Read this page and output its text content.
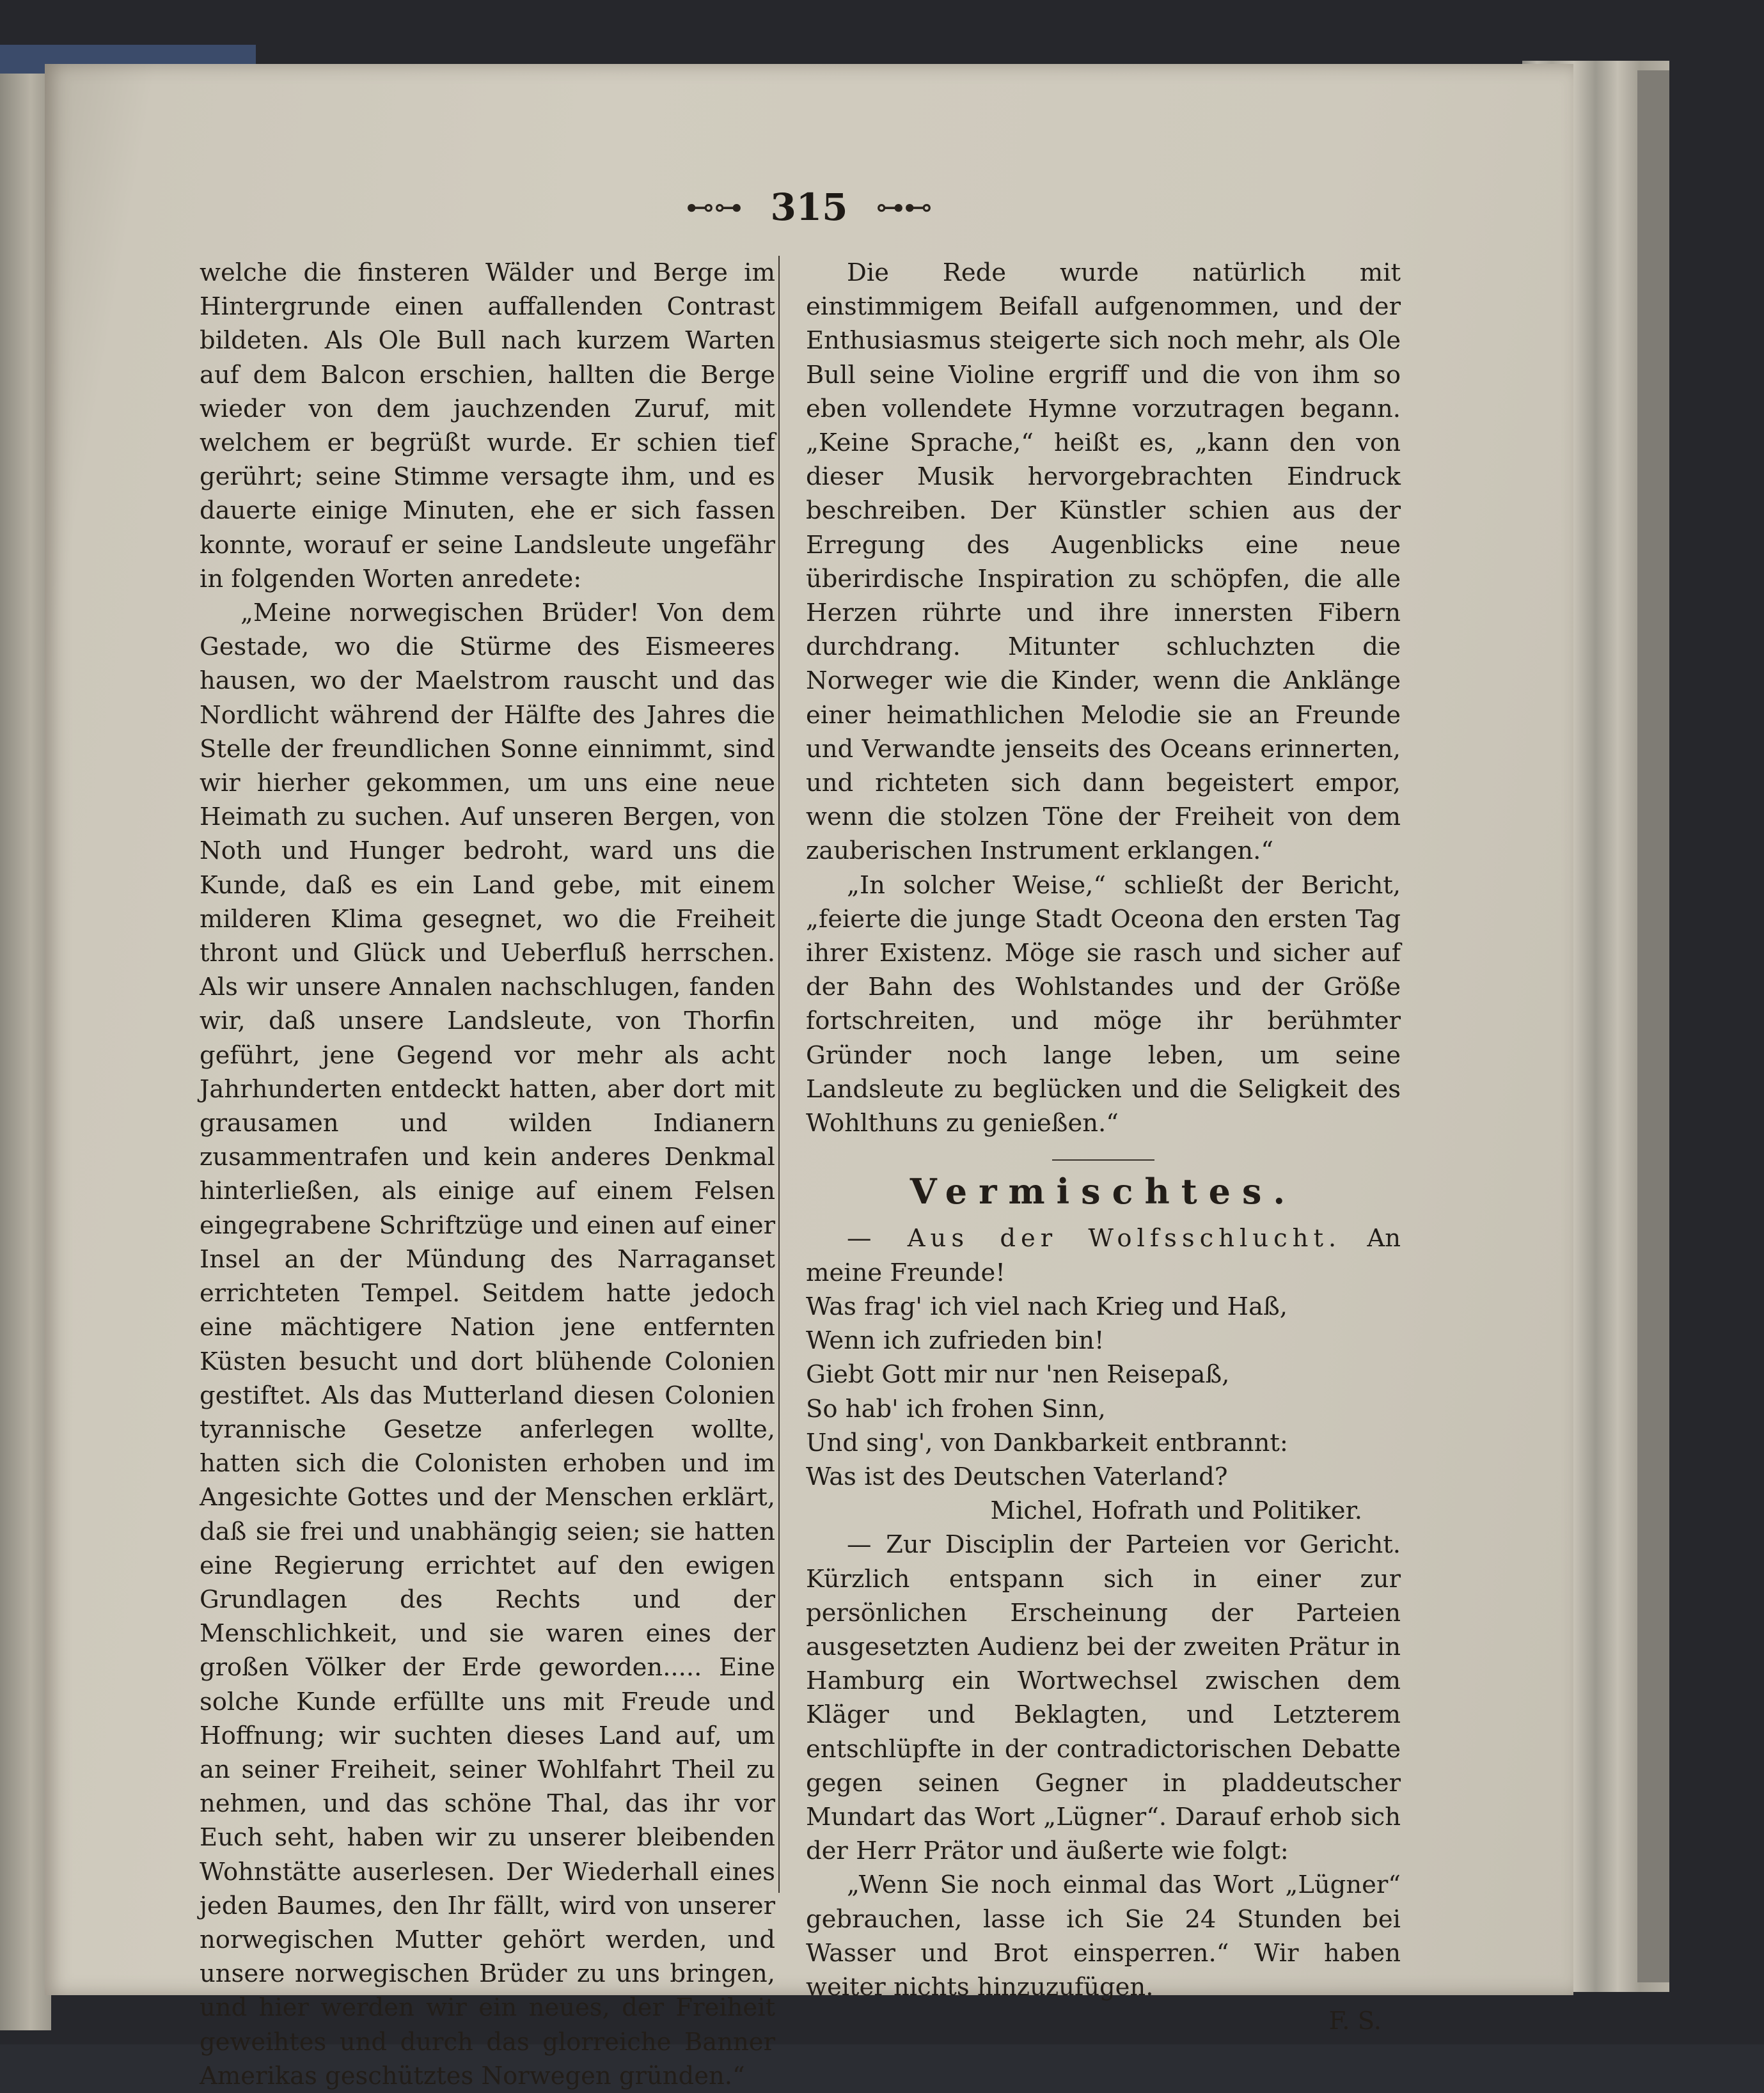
⊷⊶ 315 ⊶⊷

welche die finsteren Wälder und Berge im Hintergrunde einen auffallenden Contrast bildeten. Als Ole Bull nach kurzem Warten auf dem Balcon erschien, hallten die Berge wieder von dem jauchzenden Zuruf, mit welchem er begrüßt wurde. Er schien tief gerührt; seine Stimme versagte ihm, und es dauerte einige Minuten, ehe er sich fassen konnte, worauf er seine Landsleute ungefähr in folgenden Worten anredete:

„Meine norwegischen Brüder! Von dem Gestade, wo die Stürme des Eismeeres hausen, wo der Maelstrom rauscht und das Nordlicht während der Hälfte des Jahres die Stelle der freundlichen Sonne einnimmt, sind wir hierher gekommen, um uns eine neue Heimath zu suchen. Auf unseren Bergen, von Noth und Hunger bedroht, ward uns die Kunde, daß es ein Land gebe, mit einem milderen Klima gesegnet, wo die Freiheit thront und Glück und Ueberfluß herrschen. Als wir unsere Annalen nachschlugen, fanden wir, daß unsere Landsleute, von Thorfin geführt, jene Gegend vor mehr als acht Jahrhunderten entdeckt hatten, aber dort mit grausamen und wilden Indianern zusammentrafen und kein anderes Denkmal hinterließen, als einige auf einem Felsen eingegrabene Schriftzüge und einen auf einer Insel an der Mündung des Narraganset errichteten Tempel. Seitdem hatte jedoch eine mächtigere Nation jene entfernten Küsten besucht und dort blühende Colonien gestiftet. Als das Mutterland diesen Colonien tyrannische Gesetze anferlegen wollte, hatten sich die Colonisten erhoben und im Angesichte Gottes und der Menschen erklärt, daß sie frei und unabhängig seien; sie hatten eine Regierung errichtet auf den ewigen Grundlagen des Rechts und der Menschlichkeit, und sie waren eines der großen Völker der Erde geworden..... Eine solche Kunde erfüllte uns mit Freude und Hoffnung; wir suchten dieses Land auf, um an seiner Freiheit, seiner Wohlfahrt Theil zu nehmen, und das schöne Thal, das ihr vor Euch seht, haben wir zu unserer bleibenden Wohnstätte auserlesen. Der Wiederhall eines jeden Baumes, den Ihr fällt, wird von unserer norwegischen Mutter gehört werden, und unsere norwegischen Brüder zu uns bringen, und hier werden wir ein neues, der Freiheit geweihtes und durch das glorreiche Banner Amerikas geschütztes Norwegen gründen.“

Die Rede wurde natürlich mit einstimmigem Beifall aufgenommen, und der Enthusiasmus steigerte sich noch mehr, als Ole Bull seine Violine ergriff und die von ihm so eben vollendete Hymne vorzutragen begann. „Keine Sprache,“ heißt es, „kann den von dieser Musik hervorgebrachten Eindruck beschreiben. Der Künstler schien aus der Erregung des Augenblicks eine neue überirdische Inspiration zu schöpfen, die alle Herzen rührte und ihre innersten Fibern durchdrang. Mitunter schluchzten die Norweger wie die Kinder, wenn die Anklänge einer heimathlichen Melodie sie an Freunde und Verwandte jenseits des Oceans erinnerten, und richteten sich dann begeistert empor, wenn die stolzen Töne der Freiheit von dem zauberischen Instrument erklangen.“

„In solcher Weise,“ schließt der Bericht, „feierte die junge Stadt Oceona den ersten Tag ihrer Existenz. Möge sie rasch und sicher auf der Bahn des Wohlstandes und der Größe fortschreiten, und möge ihr berühmter Gründer noch lange leben, um seine Landsleute zu beglücken und die Seligkeit des Wohlthuns zu genießen.“

Vermischtes.

— Aus der Wolfsschlucht. An meine Freunde!

Was frag' ich viel nach Krieg und Haß,

Wenn ich zufrieden bin!

Giebt Gott mir nur 'nen Reisepaß,

So hab' ich frohen Sinn,

Und sing', von Dankbarkeit entbrannt:

Was ist des Deutschen Vaterland?

Michel, Hofrath und Politiker.

— Zur Disciplin der Parteien vor Gericht. Kürzlich entspann sich in einer zur persönlichen Erscheinung der Parteien ausgesetzten Audienz bei der zweiten Prätur in Hamburg ein Wortwechsel zwischen dem Kläger und Beklagten, und Letzterem entschlüpfte in der contradictorischen Debatte gegen seinen Gegner in pladdeutscher Mundart das Wort „Lügner“. Darauf erhob sich der Herr Prätor und äußerte wie folgt:

„Wenn Sie noch einmal das Wort „Lügner“ gebrauchen, lasse ich Sie 24 Stunden bei Wasser und Brot einsperren.“ Wir haben weiter nichts hinzuzufügen.

F. S.
